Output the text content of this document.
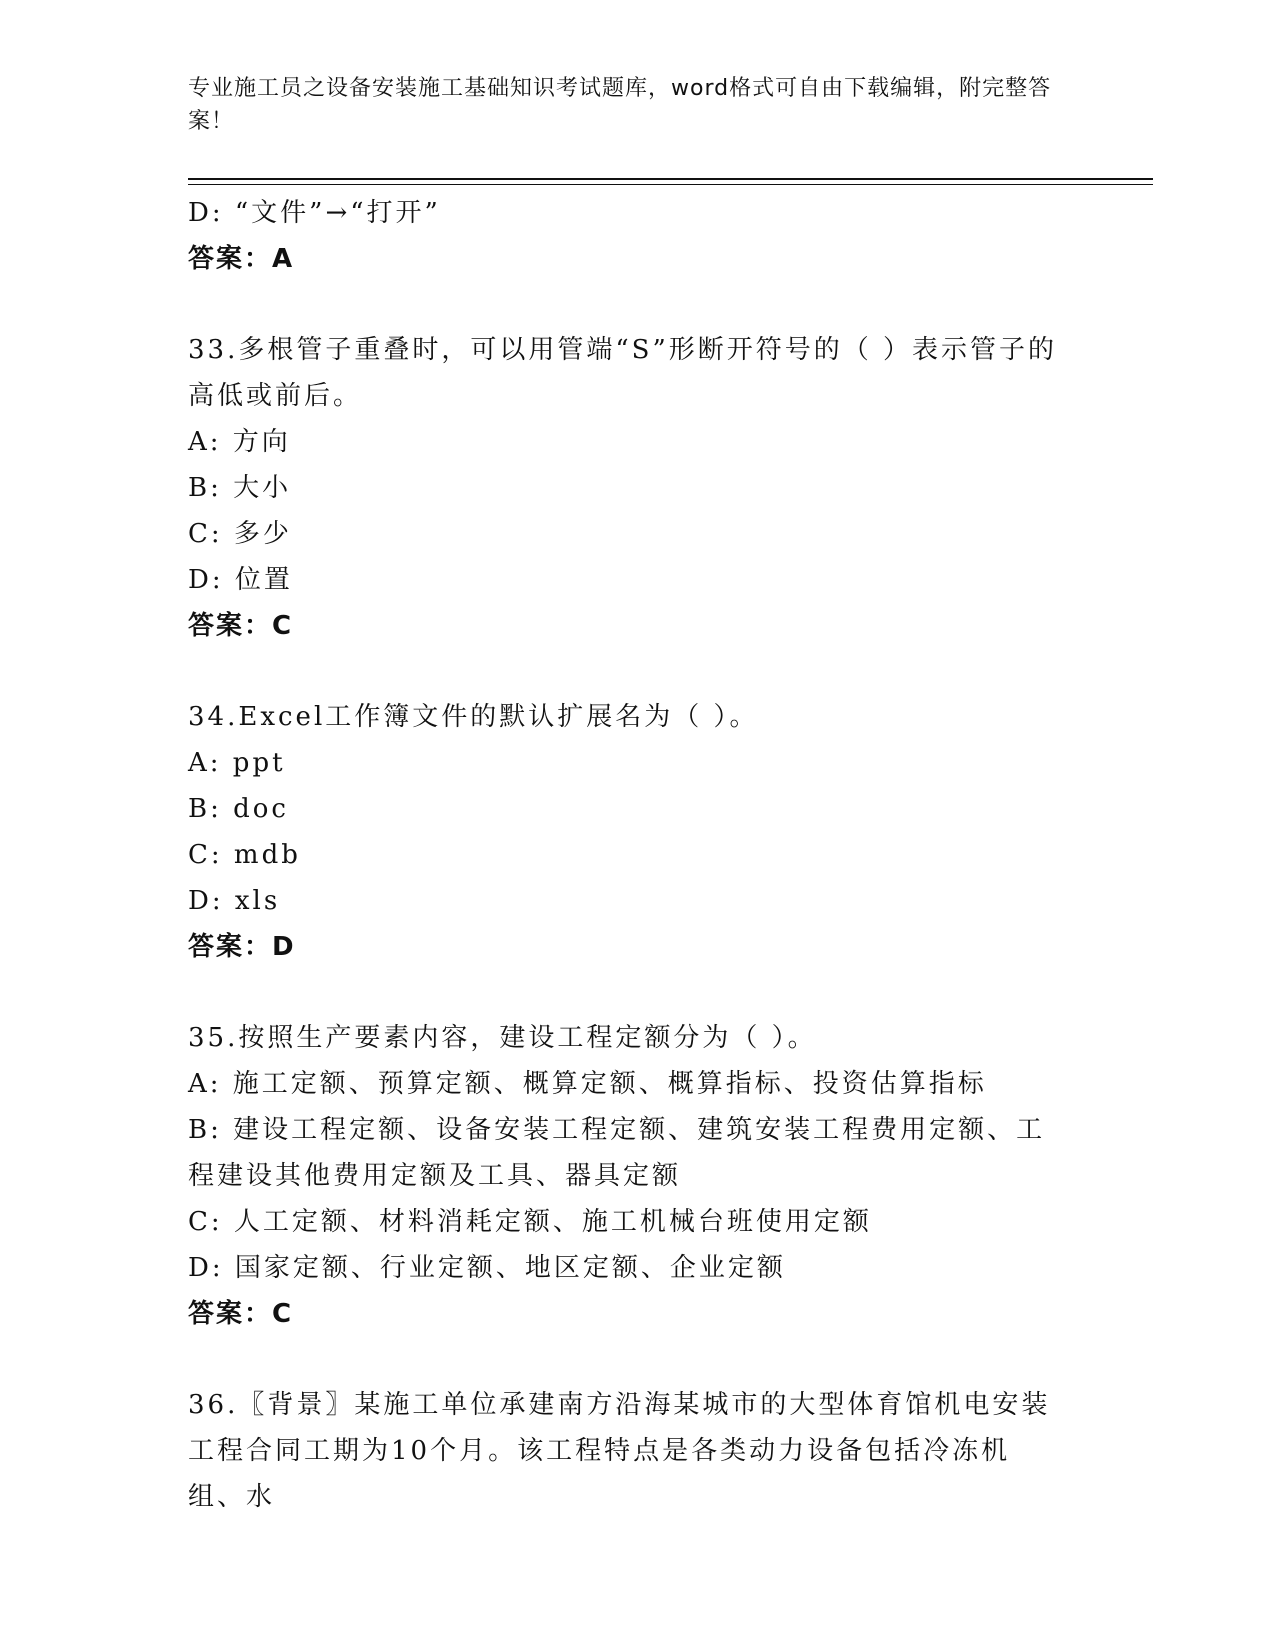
专业施工员之设备安装施工基础知识考试题库，word格式可自由下载编辑，附完整答案！
D: “文件”→“打开”
答案：A
33.多根管子重叠时，可以用管端“S”形断开符号的（ ）表示管子的高低或前后。
A: 方向
B: 大小
C: 多少
D: 位置
答案：C
34.Excel工作簿文件的默认扩展名为（ ）。
A: ppt
B: doc
C: mdb
D: xls
答案：D
35.按照生产要素内容，建设工程定额分为（ ）。
A: 施工定额、预算定额、概算定额、概算指标、投资估算指标
B: 建设工程定额、设备安装工程定额、建筑安装工程费用定额、工程建设其他费用定额及工具、器具定额
C: 人工定额、材料消耗定额、施工机械台班使用定额
D: 国家定额、行业定额、地区定额、企业定额
答案：C
36.〖背景〗某施工单位承建南方沿海某城市的大型体育馆机电安装工程合同工期为10个月。该工程特点是各类动力设备包括冷冻机组、水
